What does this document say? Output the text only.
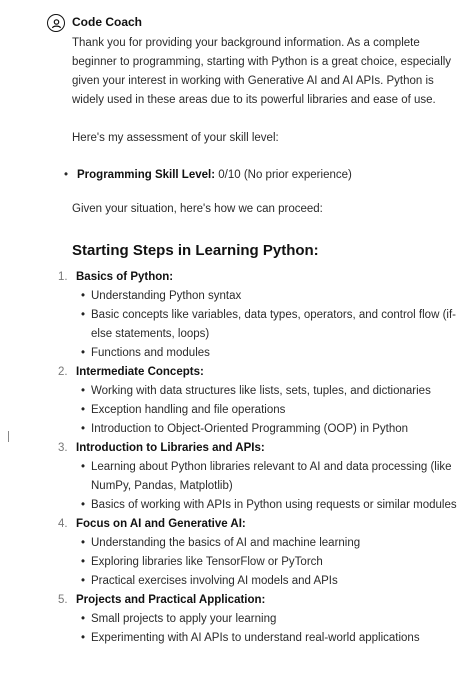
Code Coach

Thank you for providing your background information. As a complete beginner to programming, starting with Python is a great choice, especially given your interest in working with Generative AI and AI APIs. Python is widely used in these areas due to its powerful libraries and ease of use.

Here's my assessment of your skill level:

• Programming Skill Level: 0/10 (No prior experience)

Given your situation, here's how we can proceed:

Starting Steps in Learning Python:

1. Basics of Python:
• Understanding Python syntax
• Basic concepts like variables, data types, operators, and control flow (if-else statements, loops)
• Functions and modules
2. Intermediate Concepts:
• Working with data structures like lists, sets, tuples, and dictionaries
• Exception handling and file operations
• Introduction to Object-Oriented Programming (OOP) in Python
3. Introduction to Libraries and APIs:
• Learning about Python libraries relevant to AI and data processing (like NumPy, Pandas, Matplotlib)
• Basics of working with APIs in Python using requests or similar modules
4. Focus on AI and Generative AI:
• Understanding the basics of AI and machine learning
• Exploring libraries like TensorFlow or PyTorch
• Practical exercises involving AI models and APIs
5. Projects and Practical Application:
• Small projects to apply your learning
• Experimenting with AI APIs to understand real-world applications
